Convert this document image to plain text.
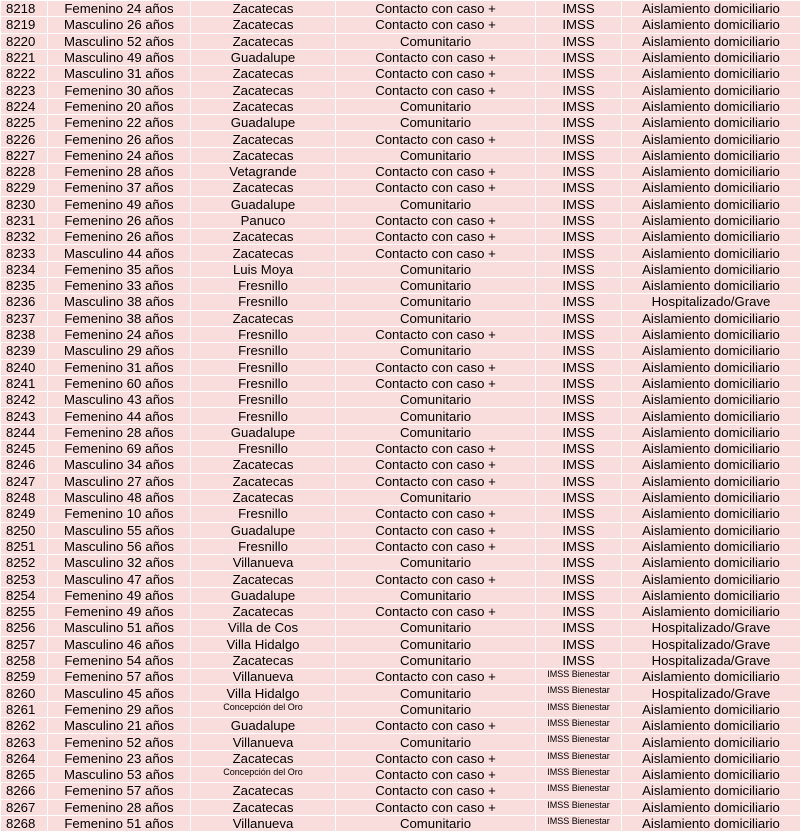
8218	Femenino 24 años	Zacatecas	Contacto con caso +	IMSS	Aislamiento domiciliario
8219	Masculino 26 años	Zacatecas	Contacto con caso +	IMSS	Aislamiento domiciliario
8220	Masculino 52 años	Zacatecas	Comunitario	IMSS	Aislamiento domiciliario
8221	Masculino 49 años	Guadalupe	Contacto con caso +	IMSS	Aislamiento domiciliario
8222	Masculino 31 años	Zacatecas	Contacto con caso +	IMSS	Aislamiento domiciliario
8223	Femenino 30 años	Zacatecas	Contacto con caso +	IMSS	Aislamiento domiciliario
8224	Femenino 20 años	Zacatecas	Comunitario	IMSS	Aislamiento domiciliario
8225	Femenino 22 años	Guadalupe	Comunitario	IMSS	Aislamiento domiciliario
8226	Femenino 26 años	Zacatecas	Contacto con caso +	IMSS	Aislamiento domiciliario
8227	Femenino 24 años	Zacatecas	Comunitario	IMSS	Aislamiento domiciliario
8228	Femenino 28 años	Vetagrande	Contacto con caso +	IMSS	Aislamiento domiciliario
8229	Femenino 37 años	Zacatecas	Contacto con caso +	IMSS	Aislamiento domiciliario
8230	Femenino 49 años	Guadalupe	Comunitario	IMSS	Aislamiento domiciliario
8231	Femenino 26 años	Panuco	Contacto con caso +	IMSS	Aislamiento domiciliario
8232	Femenino 26 años	Zacatecas	Contacto con caso +	IMSS	Aislamiento domiciliario
8233	Masculino 44 años	Zacatecas	Contacto con caso +	IMSS	Aislamiento domiciliario
8234	Femenino 35 años	Luis Moya	Comunitario	IMSS	Aislamiento domiciliario
8235	Femenino 33 años	Fresnillo	Comunitario	IMSS	Aislamiento domiciliario
8236	Masculino 38 años	Fresnillo	Comunitario	IMSS	Hospitalizado/Grave
8237	Femenino 38 años	Zacatecas	Comunitario	IMSS	Aislamiento domiciliario
8238	Femenino 24 años	Fresnillo	Contacto con caso +	IMSS	Aislamiento domiciliario
8239	Masculino 29 años	Fresnillo	Comunitario	IMSS	Aislamiento domiciliario
8240	Femenino 31 años	Fresnillo	Contacto con caso +	IMSS	Aislamiento domiciliario
8241	Femenino 60 años	Fresnillo	Contacto con caso +	IMSS	Aislamiento domiciliario
8242	Masculino 43 años	Fresnillo	Comunitario	IMSS	Aislamiento domiciliario
8243	Femenino 44 años	Fresnillo	Comunitario	IMSS	Aislamiento domiciliario
8244	Femenino 28 años	Guadalupe	Comunitario	IMSS	Aislamiento domiciliario
8245	Femenino 69 años	Fresnillo	Contacto con caso +	IMSS	Aislamiento domiciliario
8246	Masculino 34 años	Zacatecas	Contacto con caso +	IMSS	Aislamiento domiciliario
8247	Masculino 27 años	Zacatecas	Contacto con caso +	IMSS	Aislamiento domiciliario
8248	Masculino 48 años	Zacatecas	Comunitario	IMSS	Aislamiento domiciliario
8249	Femenino 10 años	Fresnillo	Contacto con caso +	IMSS	Aislamiento domiciliario
8250	Masculino 55 años	Guadalupe	Contacto con caso +	IMSS	Aislamiento domiciliario
8251	Masculino 56 años	Fresnillo	Contacto con caso +	IMSS	Aislamiento domiciliario
8252	Masculino 32 años	Villanueva	Comunitario	IMSS	Aislamiento domiciliario
8253	Masculino 47 años	Zacatecas	Contacto con caso +	IMSS	Aislamiento domiciliario
8254	Femenino 49 años	Guadalupe	Comunitario	IMSS	Aislamiento domiciliario
8255	Femenino 49 años	Zacatecas	Contacto con caso +	IMSS	Aislamiento domiciliario
8256	Masculino 51 años	Villa de Cos	Comunitario	IMSS	Hospitalizado/Grave
8257	Masculino 46 años	Villa Hidalgo	Comunitario	IMSS	Hospitalizado/Grave
8258	Femenino 54 años	Zacatecas	Comunitario	IMSS	Hospitalizada/Grave
8259	Femenino 57 años	Villanueva	Contacto con caso +	IMSS Bienestar	Aislamiento domiciliario
8260	Masculino 45 años	Villa Hidalgo	Comunitario	IMSS Bienestar	Hospitalizado/Grave
8261	Femenino 29 años	Concepción del Oro	Comunitario	IMSS Bienestar	Aislamiento domiciliario
8262	Masculino 21 años	Guadalupe	Contacto con caso +	IMSS Bienestar	Aislamiento domiciliario
8263	Femenino 52 años	Villanueva	Comunitario	IMSS Bienestar	Aislamiento domiciliario
8264	Femenino 23 años	Zacatecas	Contacto con caso +	IMSS Bienestar	Aislamiento domiciliario
8265	Masculino 53 años	Concepción del Oro	Contacto con caso +	IMSS Bienestar	Aislamiento domiciliario
8266	Femenino 57 años	Zacatecas	Contacto con caso +	IMSS Bienestar	Aislamiento domiciliario
8267	Femenino 28 años	Zacatecas	Contacto con caso +	IMSS Bienestar	Aislamiento domiciliario
8268	Femenino 51 años	Villanueva	Comunitario	IMSS Bienestar	Aislamiento domiciliario
